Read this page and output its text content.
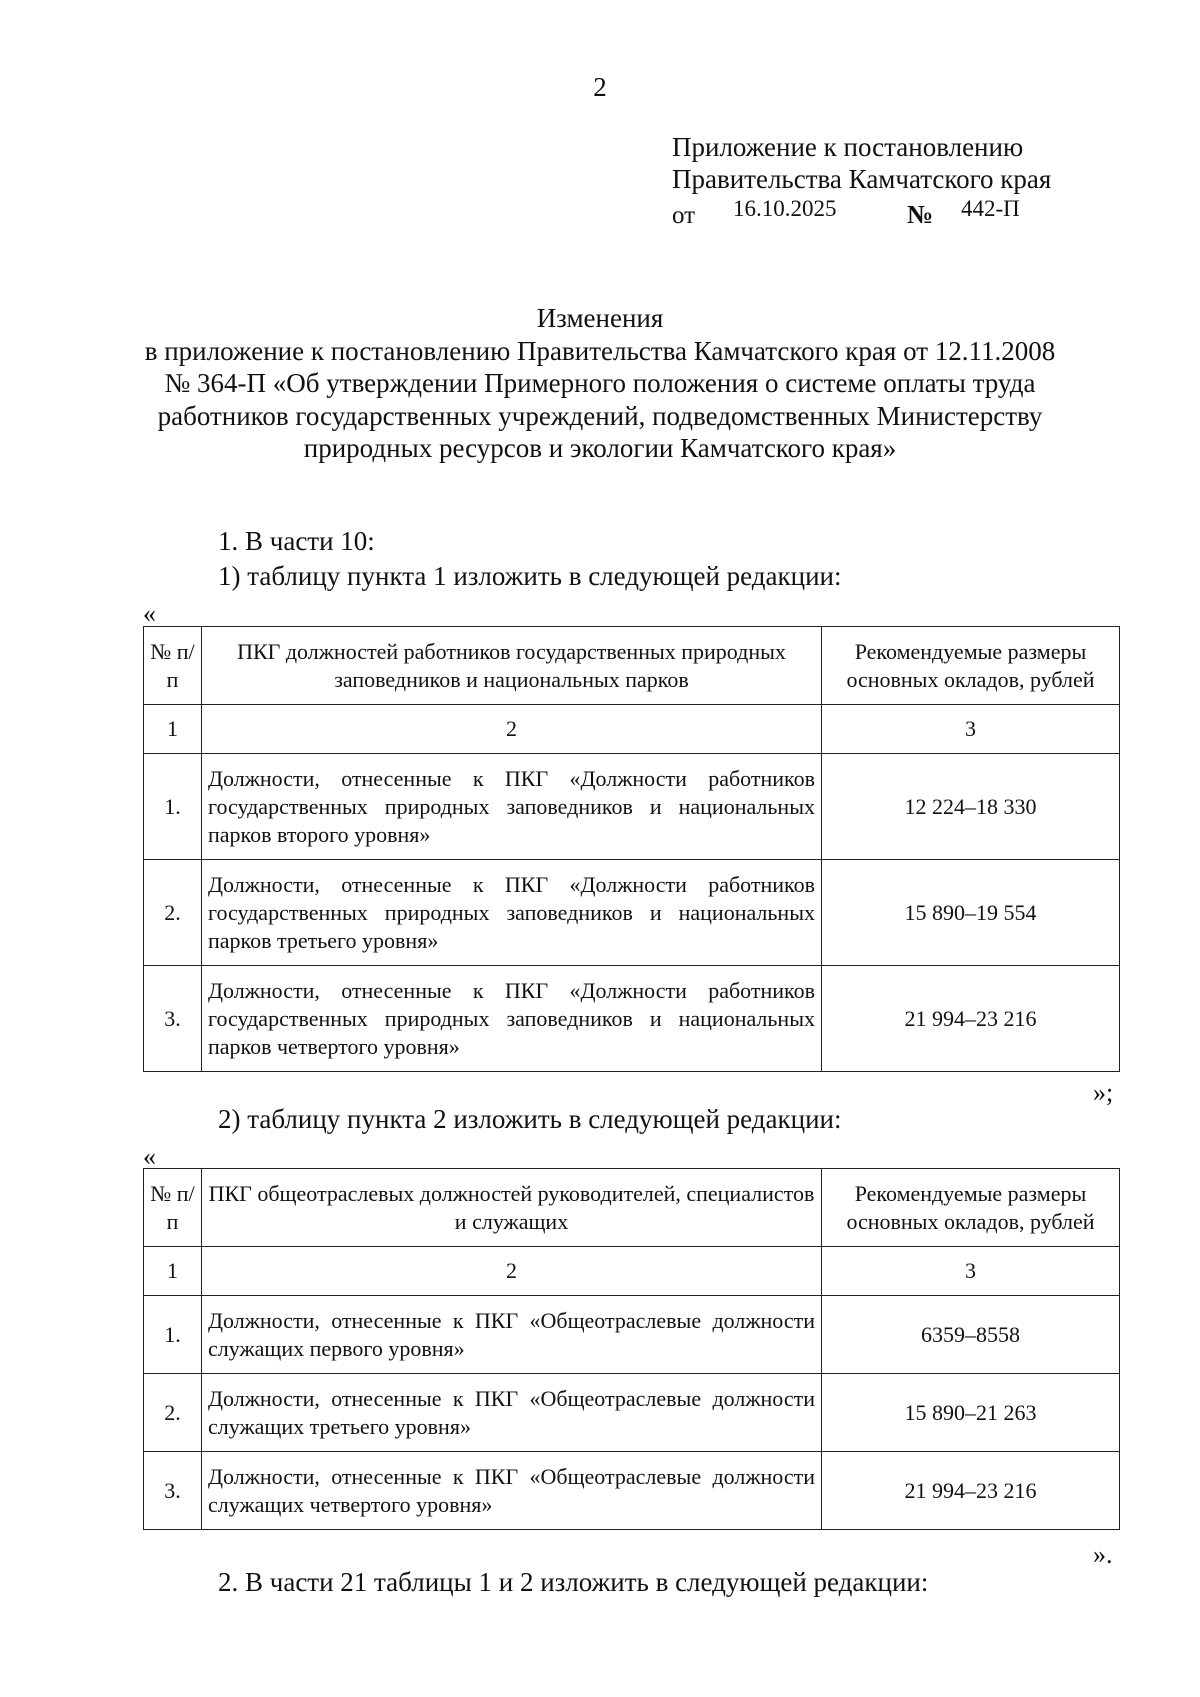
2
Приложение к постановлению
Правительства Камчатского края
от 16.10.2025	№ 442-П
Изменения
в приложение к постановлению Правительства Камчатского края от 12.11.2008
№ 364-П «Об утверждении Примерного положения о системе оплаты труда
работников государственных учреждений, подведомственных Министерству
природных ресурсов и экологии Камчатского края»
1. В части 10:
1) таблицу пункта 1 изложить в следующей редакции:
«
№ п/п	ПКГ должностей работников государственных природных заповедников и национальных парков	Рекомендуемые размеры основных окладов, рублей
1	2	3
1.	Должности, отнесенные к ПКГ «Должности работников государственных природных заповедников и национальных парков второго уровня»	12 224–18 330
2.	Должности, отнесенные к ПКГ «Должности работников государственных природных заповедников и национальных парков третьего уровня»	15 890–19 554
3.	Должности, отнесенные к ПКГ «Должности работников государственных природных заповедников и национальных парков четвертого уровня»	21 994–23 216
»;
2) таблицу пункта 2 изложить в следующей редакции:
«
№ п/п	ПКГ общеотраслевых должностей руководителей, специалистов и служащих	Рекомендуемые размеры основных окладов, рублей
1	2	3
1.	Должности, отнесенные к ПКГ «Общеотраслевые должности служащих первого уровня»	6359–8558
2.	Должности, отнесенные к ПКГ «Общеотраслевые должности служащих третьего уровня»	15 890–21 263
3.	Должности, отнесенные к ПКГ «Общеотраслевые должности служащих четвертого уровня»	21 994–23 216
».
2. В части 21 таблицы 1 и 2 изложить в следующей редакции:
